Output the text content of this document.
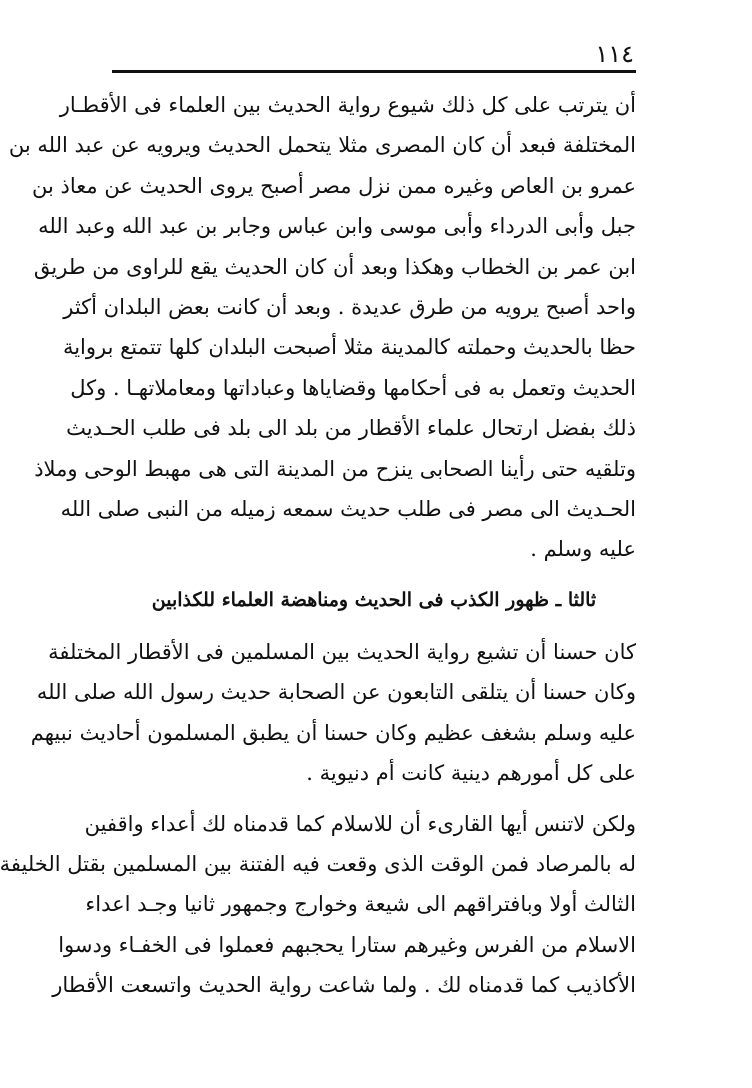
١١٤
أن يترتب على كل ذلك شيوع رواية الحديث بين العلماء فى الأقطـار
المختلفة فبعد أن كان المصرى مثلا يتحمل الحديث ويرويه عن عبد الله بن
عمرو بن العاص وغيره ممن نزل مصر أصبح يروى الحديث عن معاذ بن
جبل وأبى الدرداء وأبى موسى وابن عباس وجابر بن عبد الله وعبد الله
ابن عمر بن الخطاب وهكذا وبعد أن كان الحديث يقع للراوى من طريق
واحد أصبح يرويه من طرق عديدة . وبعد أن كانت بعض البلدان أكثر
حظا بالحديث وحملته كالمدينة مثلا أصبحت البلدان كلها تتمتع برواية
الحديث وتعمل به فى أحكامها وقضاياها وعباداتها ومعاملاتهـا . وكل
ذلك بفضل ارتحال علماء الأقطار من بلد الى بلد فى طلب الحـديث
وتلقيه حتى رأينا الصحابى ينزح من المدينة التى هى مهبط الوحى وملاذ
الحـديث الى مصر فى طلب حديث سمعه زميله من النبى صلى الله
عليه وسلم .
ثالثا ـ ظهور الكذب فى الحديث ومناهضة العلماء للكذابين
كان حسنا أن تشيع رواية الحديث بين المسلمين فى الأقطار المختلفة
وكان حسنا أن يتلقى التابعون عن الصحابة حديث رسول الله صلى الله
عليه وسلم بشغف عظيم وكان حسنا أن يطبق المسلمون أحاديث نبيهم
على كل أمورهم دينية كانت أم دنيوية .
ولكن لاتنس أيها القارىء أن للاسلام كما قدمناه لك أعداء واقفين
له بالمرصاد فمن الوقت الذى وقعت فيه الفتنة بين المسلمين بقتل الخليفة
الثالث أولا وبافتراقهم الى شيعة وخوارج وجمهور ثانيا وجـد اعداء
الاسلام من الفرس وغيرهم ستارا يحجبهم فعملوا فى الخفـاء ودسوا
الأكاذيب كما قدمناه لك . ولما شاعت رواية الحديث واتسعت الأقطار
